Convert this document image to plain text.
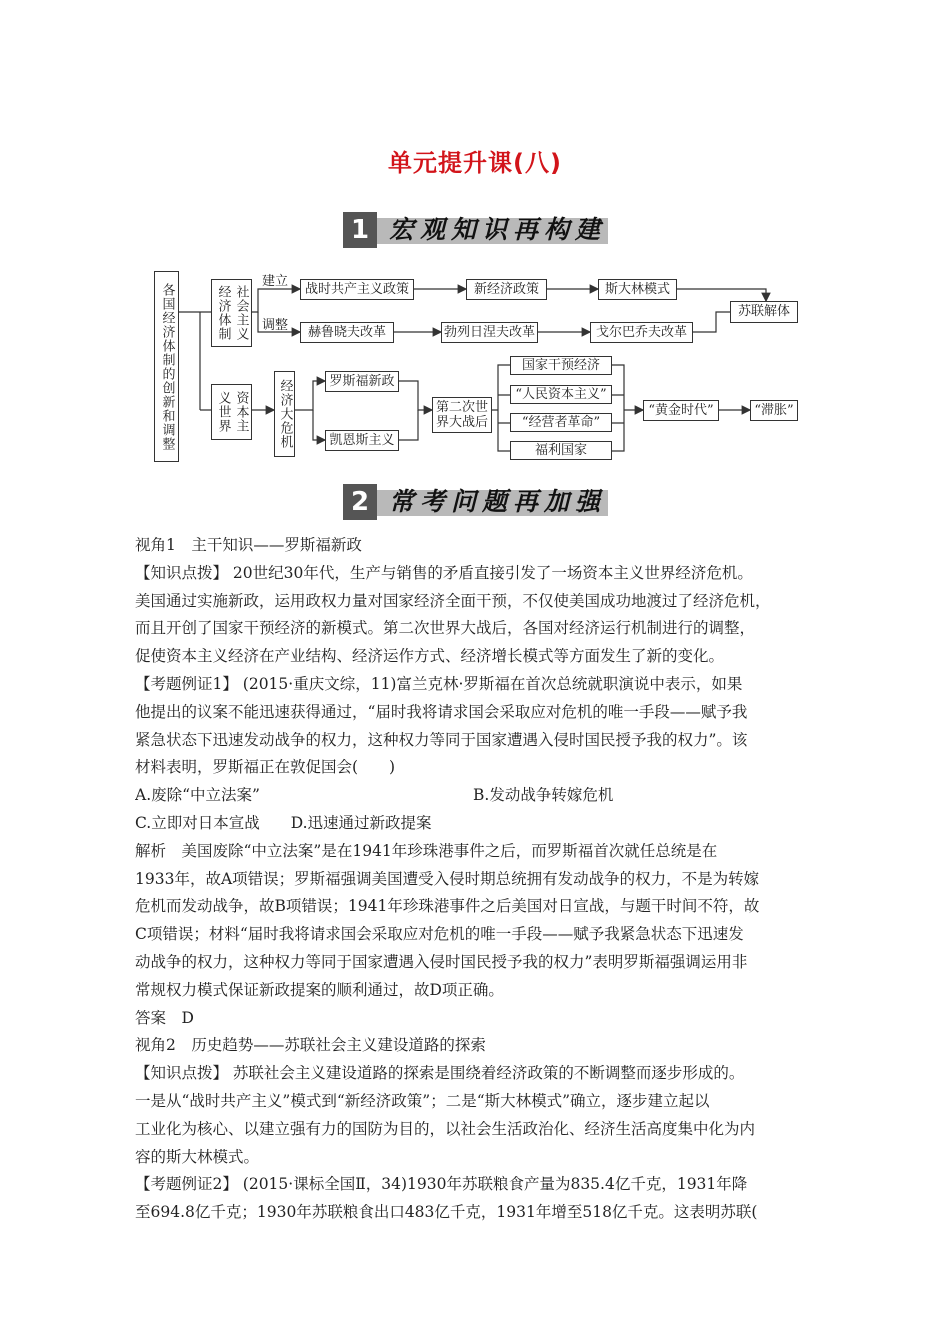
单元提升课(八)
1 宏观知识再构建
各国经济体制的创新和调整	社会主义经济体制
资本主义世界
建立
调整
战时共产主义政策	新经济政策	斯大林模式
苏联解体
赫鲁晓夫改革	勃列日涅夫改革	戈尔巴乔夫改革
经济大危机	罗斯福新政
凯恩斯主义
第二次世界大战后
国家干预经济
“人民资本主义”
“经营者革命”
福利国家
“黄金时代”	“滞胀”
2 常考问题再加强
视角1　主干知识——罗斯福新政
【知识点拨】 20世纪30年代，生产与销售的矛盾直接引发了一场资本主义世界经济危机。
美国通过实施新政，运用政权力量对国家经济全面干预，不仅使美国成功地渡过了经济危机，
而且开创了国家干预经济的新模式。第二次世界大战后，各国对经济运行机制进行的调整，
促使资本主义经济在产业结构、经济运作方式、经济增长模式等方面发生了新的变化。
【考题例证1】 (2015·重庆文综，11)富兰克林·罗斯福在首次总统就职演说中表示，如果
他提出的议案不能迅速获得通过，“届时我将请求国会采取应对危机的唯一手段——赋予我
紧急状态下迅速发动战争的权力，这种权力等同于国家遭遇入侵时国民授予我的权力”。该
材料表明，罗斯福正在敦促国会(　　)
A.废除“中立法案”	B.发动战争转嫁危机
C.立即对日本宣战　　D.迅速通过新政提案
解析　美国废除“中立法案”是在1941年珍珠港事件之后，而罗斯福首次就任总统是在
1933年，故A项错误；罗斯福强调美国遭受入侵时期总统拥有发动战争的权力，不是为转嫁
危机而发动战争，故B项错误；1941年珍珠港事件之后美国对日宣战，与题干时间不符，故
C项错误；材料“届时我将请求国会采取应对危机的唯一手段——赋予我紧急状态下迅速发
动战争的权力，这种权力等同于国家遭遇入侵时国民授予我的权力”表明罗斯福强调运用非
常规权力模式保证新政提案的顺利通过，故D项正确。
答案　D
视角2　历史趋势——苏联社会主义建设道路的探索
【知识点拨】 苏联社会主义建设道路的探索是围绕着经济政策的不断调整而逐步形成的。
一是从“战时共产主义”模式到“新经济政策”；二是“斯大林模式”确立，逐步建立起以
工业化为核心、以建立强有力的国防为目的，以社会生活政治化、经济生活高度集中化为内
容的斯大林模式。
【考题例证2】 (2015·课标全国Ⅱ，34)1930年苏联粮食产量为835.4亿千克，1931年降
至694.8亿千克；1930年苏联粮食出口483亿千克，1931年增至518亿千克。这表明苏联(
